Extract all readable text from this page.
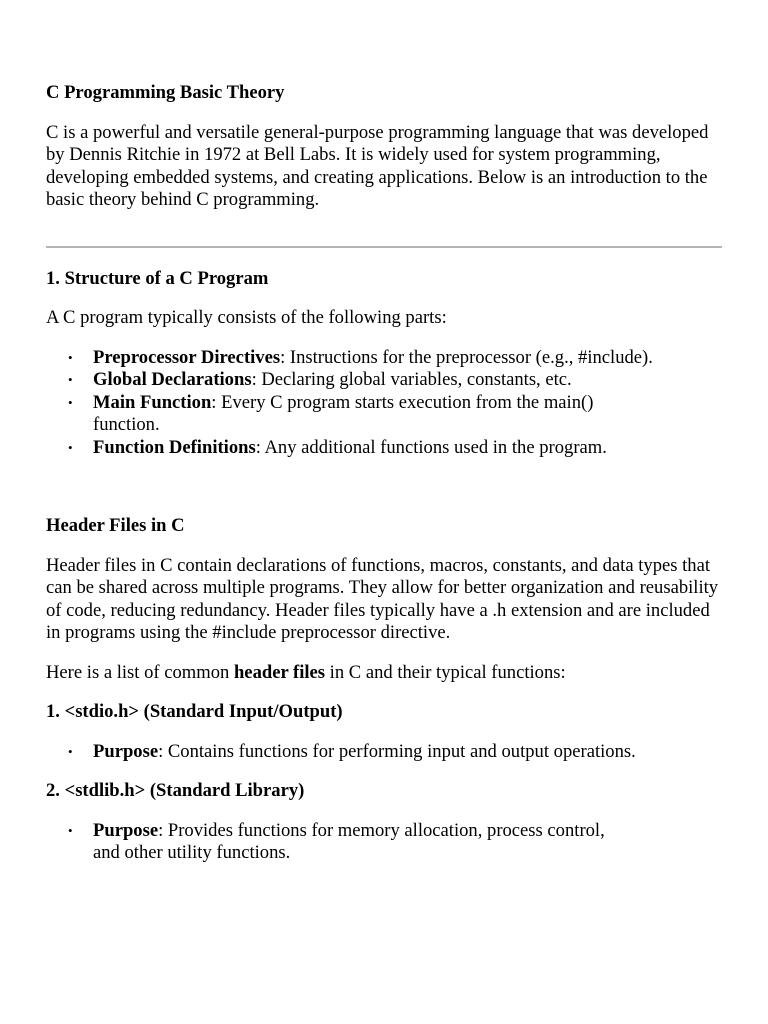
C Programming Basic Theory

C is a powerful and versatile general-purpose programming language that was developed by Dennis Ritchie in 1972 at Bell Labs. It is widely used for system programming, developing embedded systems, and creating applications. Below is an introduction to the basic theory behind C programming.

1. Structure of a C Program

A C program typically consists of the following parts:

• Preprocessor Directives: Instructions for the preprocessor (e.g., #include).
• Global Declarations: Declaring global variables, constants, etc.
• Main Function: Every C program starts execution from the main() function.
• Function Definitions: Any additional functions used in the program.
Header Files in C

Header files in C contain declarations of functions, macros, constants, and data types that can be shared across multiple programs. They allow for better organization and reusability of code, reducing redundancy. Header files typically have a .h extension and are included in programs using the #include preprocessor directive.

Here is a list of common header files in C and their typical functions:

1. <stdio.h> (Standard Input/Output)
• Purpose: Contains functions for performing input and output operations.
2. <stdlib.h> (Standard Library)
• Purpose: Provides functions for memory allocation, process control, and other utility functions.
